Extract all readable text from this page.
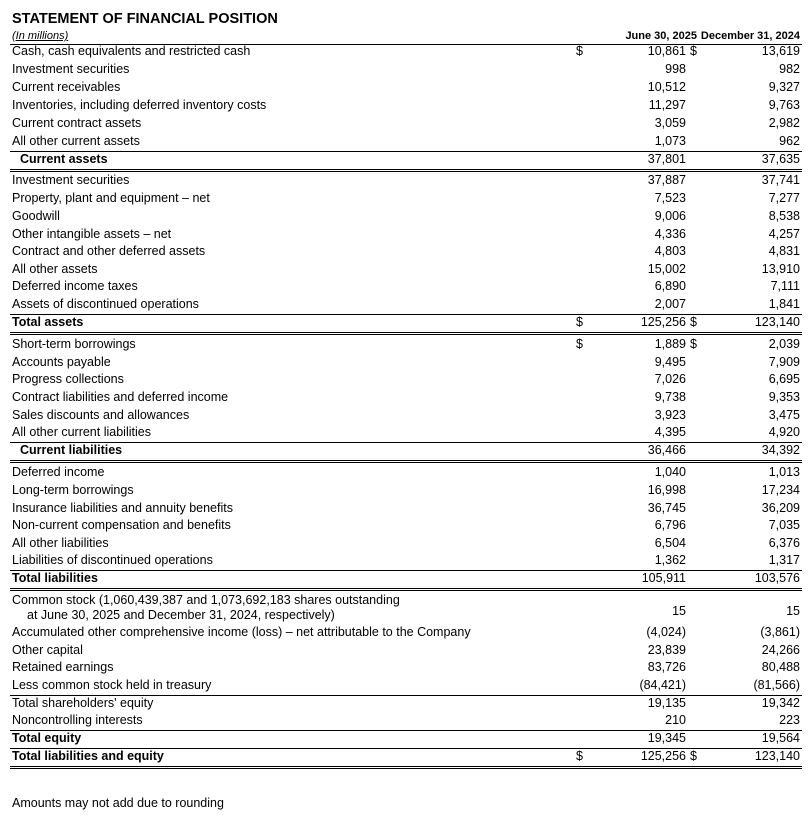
STATEMENT OF FINANCIAL POSITION
(In millions)	June 30, 2025 December 31, 2024
Cash, cash equivalents and restricted cash	$	10,861 $	13,619
Investment securities	998	982
Current receivables	10,512	9,327
Inventories, including deferred inventory costs	11,297	9,763
Current contract assets	3,059	2,982
All other current assets	1,073	962
Current assets	37,801	37,635
Investment securities	37,887	37,741
Property, plant and equipment – net	7,523	7,277
Goodwill	9,006	8,538
Other intangible assets – net	4,336	4,257
Contract and other deferred assets	4,803	4,831
All other assets	15,002	13,910
Deferred income taxes	6,890	7,111
Assets of discontinued operations	2,007	1,841
Total assets	$	125,256 $	123,140
Short-term borrowings	$	1,889 $	2,039
Accounts payable	9,495	7,909
Progress collections	7,026	6,695
Contract liabilities and deferred income	9,738	9,353
Sales discounts and allowances	3,923	3,475
All other current liabilities	4,395	4,920
Current liabilities	36,466	34,392
Deferred income	1,040	1,013
Long-term borrowings	16,998	17,234
Insurance liabilities and annuity benefits	36,745	36,209
Non-current compensation and benefits	6,796	7,035
All other liabilities	6,504	6,376
Liabilities of discontinued operations	1,362	1,317
Total liabilities	105,911	103,576
Common stock (1,060,439,387 and 1,073,692,183 shares outstanding
at June 30, 2025 and December 31, 2024, respectively)	15	15
Accumulated other comprehensive income (loss) – net attributable to the Company	(4,024)	(3,861)
Other capital	23,839	24,266
Retained earnings	83,726	80,488
Less common stock held in treasury	(84,421)	(81,566)
Total shareholders' equity	19,135	19,342
Noncontrolling interests	210	223
Total equity	19,345	19,564
Total liabilities and equity	$	125,256 $	123,140
Amounts may not add due to rounding
